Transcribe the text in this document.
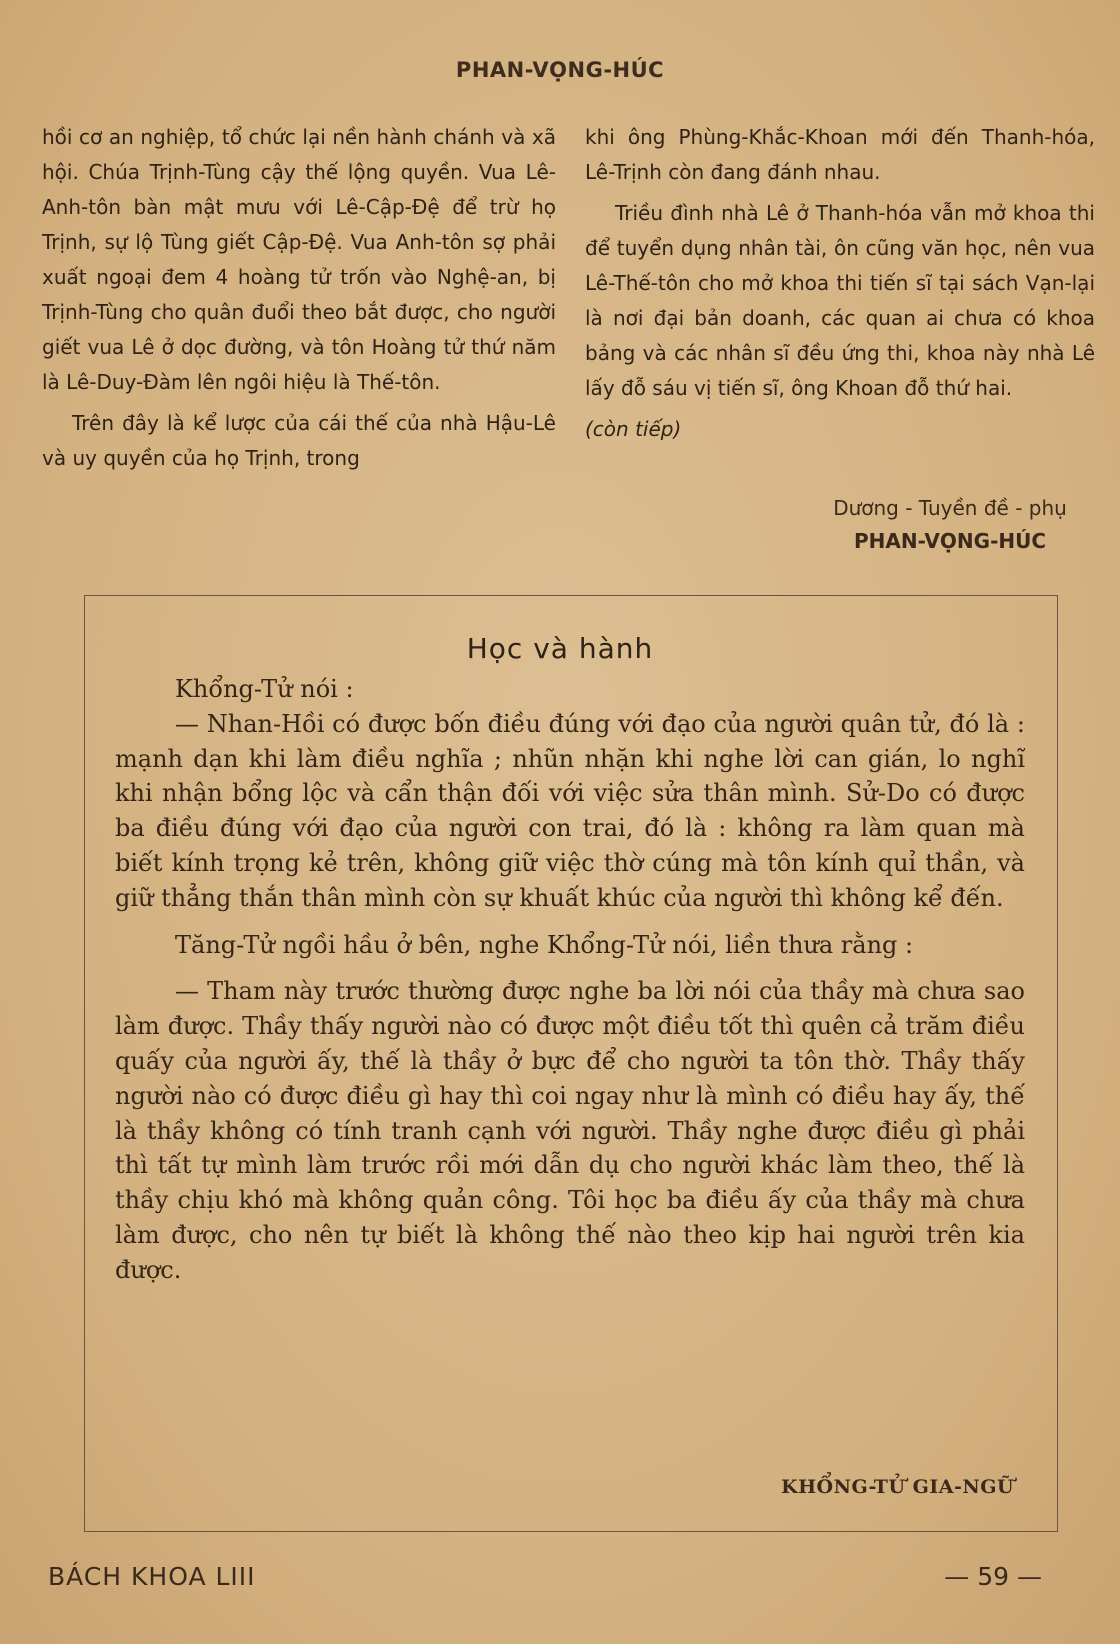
PHAN-VỌNG-HÚC

hồi cơ an nghiệp, tổ chức lại nền hành chánh và xã hội. Chúa Trịnh-Tùng cậy thế lộng quyền. Vua Lê-Anh-tôn bàn mật mưu với Lê-Cập-Đệ để trừ họ Trịnh, sự lộ Tùng giết Cập-Đệ. Vua Anh-tôn sợ phải xuất ngoại đem 4 hoàng tử trốn vào Nghệ-an, bị Trịnh-Tùng cho quân đuổi theo bắt được, cho người giết vua Lê ở dọc đường, và tôn Hoàng tử thứ năm là Lê-Duy-Đàm lên ngôi hiệu là Thế-tôn.

Trên đây là kể lược của cái thế của nhà Hậu-Lê và uy quyền của họ Trịnh, trong

khi ông Phùng-Khắc-Khoan mới đến Thanh-hóa, Lê-Trịnh còn đang đánh nhau.

Triều đình nhà Lê ở Thanh-hóa vẫn mở khoa thi để tuyển dụng nhân tài, ôn cũng văn học, nên vua Lê-Thế-tôn cho mở khoa thi tiến sĩ tại sách Vạn-lại là nơi đại bản doanh, các quan ai chưa có khoa bảng và các nhân sĩ đều ứng thi, khoa này nhà Lê lấy đỗ sáu vị tiến sĩ, ông Khoan đỗ thứ hai.

(còn tiếp)

Dương - Tuyền đề - phụ
PHAN-VỌNG-HÚC
Học và hành

Khổng-Tử nói :

— Nhan-Hồi có được bốn điều đúng với đạo của người quân tử, đó là : mạnh dạn khi làm điều nghĩa ; nhũn nhặn khi nghe lời can gián, lo nghĩ khi nhận bổng lộc và cẩn thận đối với việc sửa thân mình. Sử-Do có được ba điều đúng với đạo của người con trai, đó là : không ra làm quan mà biết kính trọng kẻ trên, không giữ việc thờ cúng mà tôn kính quỉ thần, và giữ thẳng thắn thân mình còn sự khuất khúc của người thì không kể đến.

Tăng-Tử ngồi hầu ở bên, nghe Khổng-Tử nói, liền thưa rằng :

— Tham này trước thường được nghe ba lời nói của thầy mà chưa sao làm được. Thầy thấy người nào có được một điều tốt thì quên cả trăm điều quấy của người ấy, thế là thầy ở bực để cho người ta tôn thờ. Thầy thấy người nào có được điều gì hay thì coi ngay như là mình có điều hay ấy, thế là thầy không có tính tranh cạnh với người. Thầy nghe được điều gì phải thì tất tự mình làm trước rồi mới dẫn dụ cho người khác làm theo, thế là thầy chịu khó mà không quản công. Tôi học ba điều ấy của thầy mà chưa làm được, cho nên tự biết là không thế nào theo kịp hai người trên kia được.

KHỔNG-TỬ GIA-NGỮ
BÁCH KHOA LIII	— 59 —
